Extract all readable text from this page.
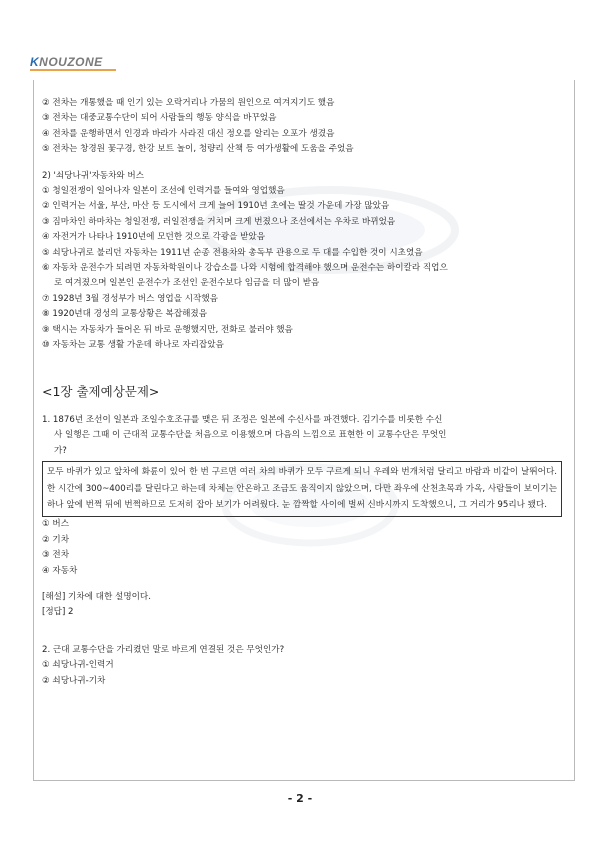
KNOUZONE
② 전차는 개통했을 때 인기 있는 오락거리나 가뭄의 원인으로 여겨지기도 했음
③ 전차는 대중교통수단이 되어 사람들의 행동 양식을 바꾸었음
④ 전차를 운행하면서 인경과 바라가 사라진 대신 정오를 알리는 오포가 생겼음
⑤ 전차는 창경원 꽃구경, 한강 보트 놀이, 청량리 산책 등 여가생활에 도움을 주었음
2) '쇠당나귀'자동차와 버스
① 청일전쟁이 일어나자 일본이 조선에 인력거를 들여와 영업했음
② 인력거는 서울, 부산, 마산 등 도시에서 크게 늘어 1910년 초에는 딸것 가운데 가장 많았음
③ 짐마차인 하마차는 청일전쟁, 러일전쟁을 거치며 크게 번졌으나 조선에서는 우차로 바뀌었음
④ 자전거가 나타나 1910년에 모던한 것으로 각광을 받았음
⑤ 쇠당나귀로 불리던 자동차는 1911년 순종 전용차와 총독부 관용으로 두 대를 수입한 것이 시초였음
⑥ 자동차 운전수가 되려면 자동차학원이나 강습소를 나와 시험에 합격해야 했으며 운전수는 하이칼라 직업으
로 여겨졌으며 일본인 운전수가 조선인 운전수보다 임금을 더 많이 받음
⑦ 1928년 3월 경성부가 버스 영업을 시작했음
⑧ 1920년대 경성의 교통상황은 복잡해졌음
⑨ 택시는 자동차가 들어온 뒤 바로 운행했지만, 전화로 불러야 했음
⑩ 자동차는 교통 생활 가운데 하나로 자리잡았음
<1장 출제예상문제>
1. 1876년 조선이 일본과 조일수호조규를 맺은 뒤 조정은 일본에 수신사를 파견했다. 김기수를 비롯한 수신
사 일행은 그때 이 근대적 교통수단을 처음으로 이용했으며 다음의 느낌으로 표현한 이 교통수단은 무엇인
가?
모두 바퀴가 있고 앞차에 화륜이 있어 한 번 구르면 여러 차의 바퀴가 모두 구르게 되니 우레와 번개처럼 달리고 바람과 비같이 날뛰어다. 한 시간에 300~400리를 달린다고 하는데 차체는 안온하고 조금도 움직이지 않았으며, 다만 좌우에 산천초목과 가옥, 사람들이 보이기는 하나 앞에 번쩍 뒤에 번쩍하므로 도저히 잡아 보기가 어려웠다. 눈 깜짝할 사이에 벌써 신바시까지 도착했으니, 그 거리가 95리나 됐다.
① 버스
② 기차
③ 전차
④ 자동차
[해설] 기차에 대한 설명이다.
[정답] 2
2. 근대 교통수단을 가리켰던 말로 바르게 연결된 것은 무엇인가?
① 쇠당나귀-인력거
② 쇠당나귀-기차
- 2 -
